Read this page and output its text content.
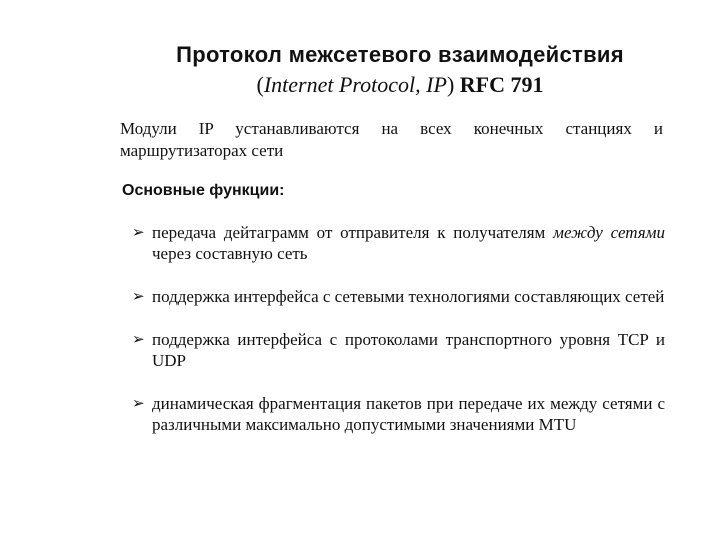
Протокол межсетевого взаимодействия
(Internet Protocol, IP) RFC 791
Модули IP устанавливаются на всех конечных станциях и маршрутизаторах сети
Основные функции:
➢ передача дейтаграмм от отправителя к получателям между сетями через составную сеть
➢ поддержка интерфейса с сетевыми технологиями составляющих сетей
➢ поддержка интерфейса с протоколами транспортного уровня TCP и UDP
➢ динамическая фрагментация пакетов при передаче их между сетями с различными максимально допустимыми значениями MTU
